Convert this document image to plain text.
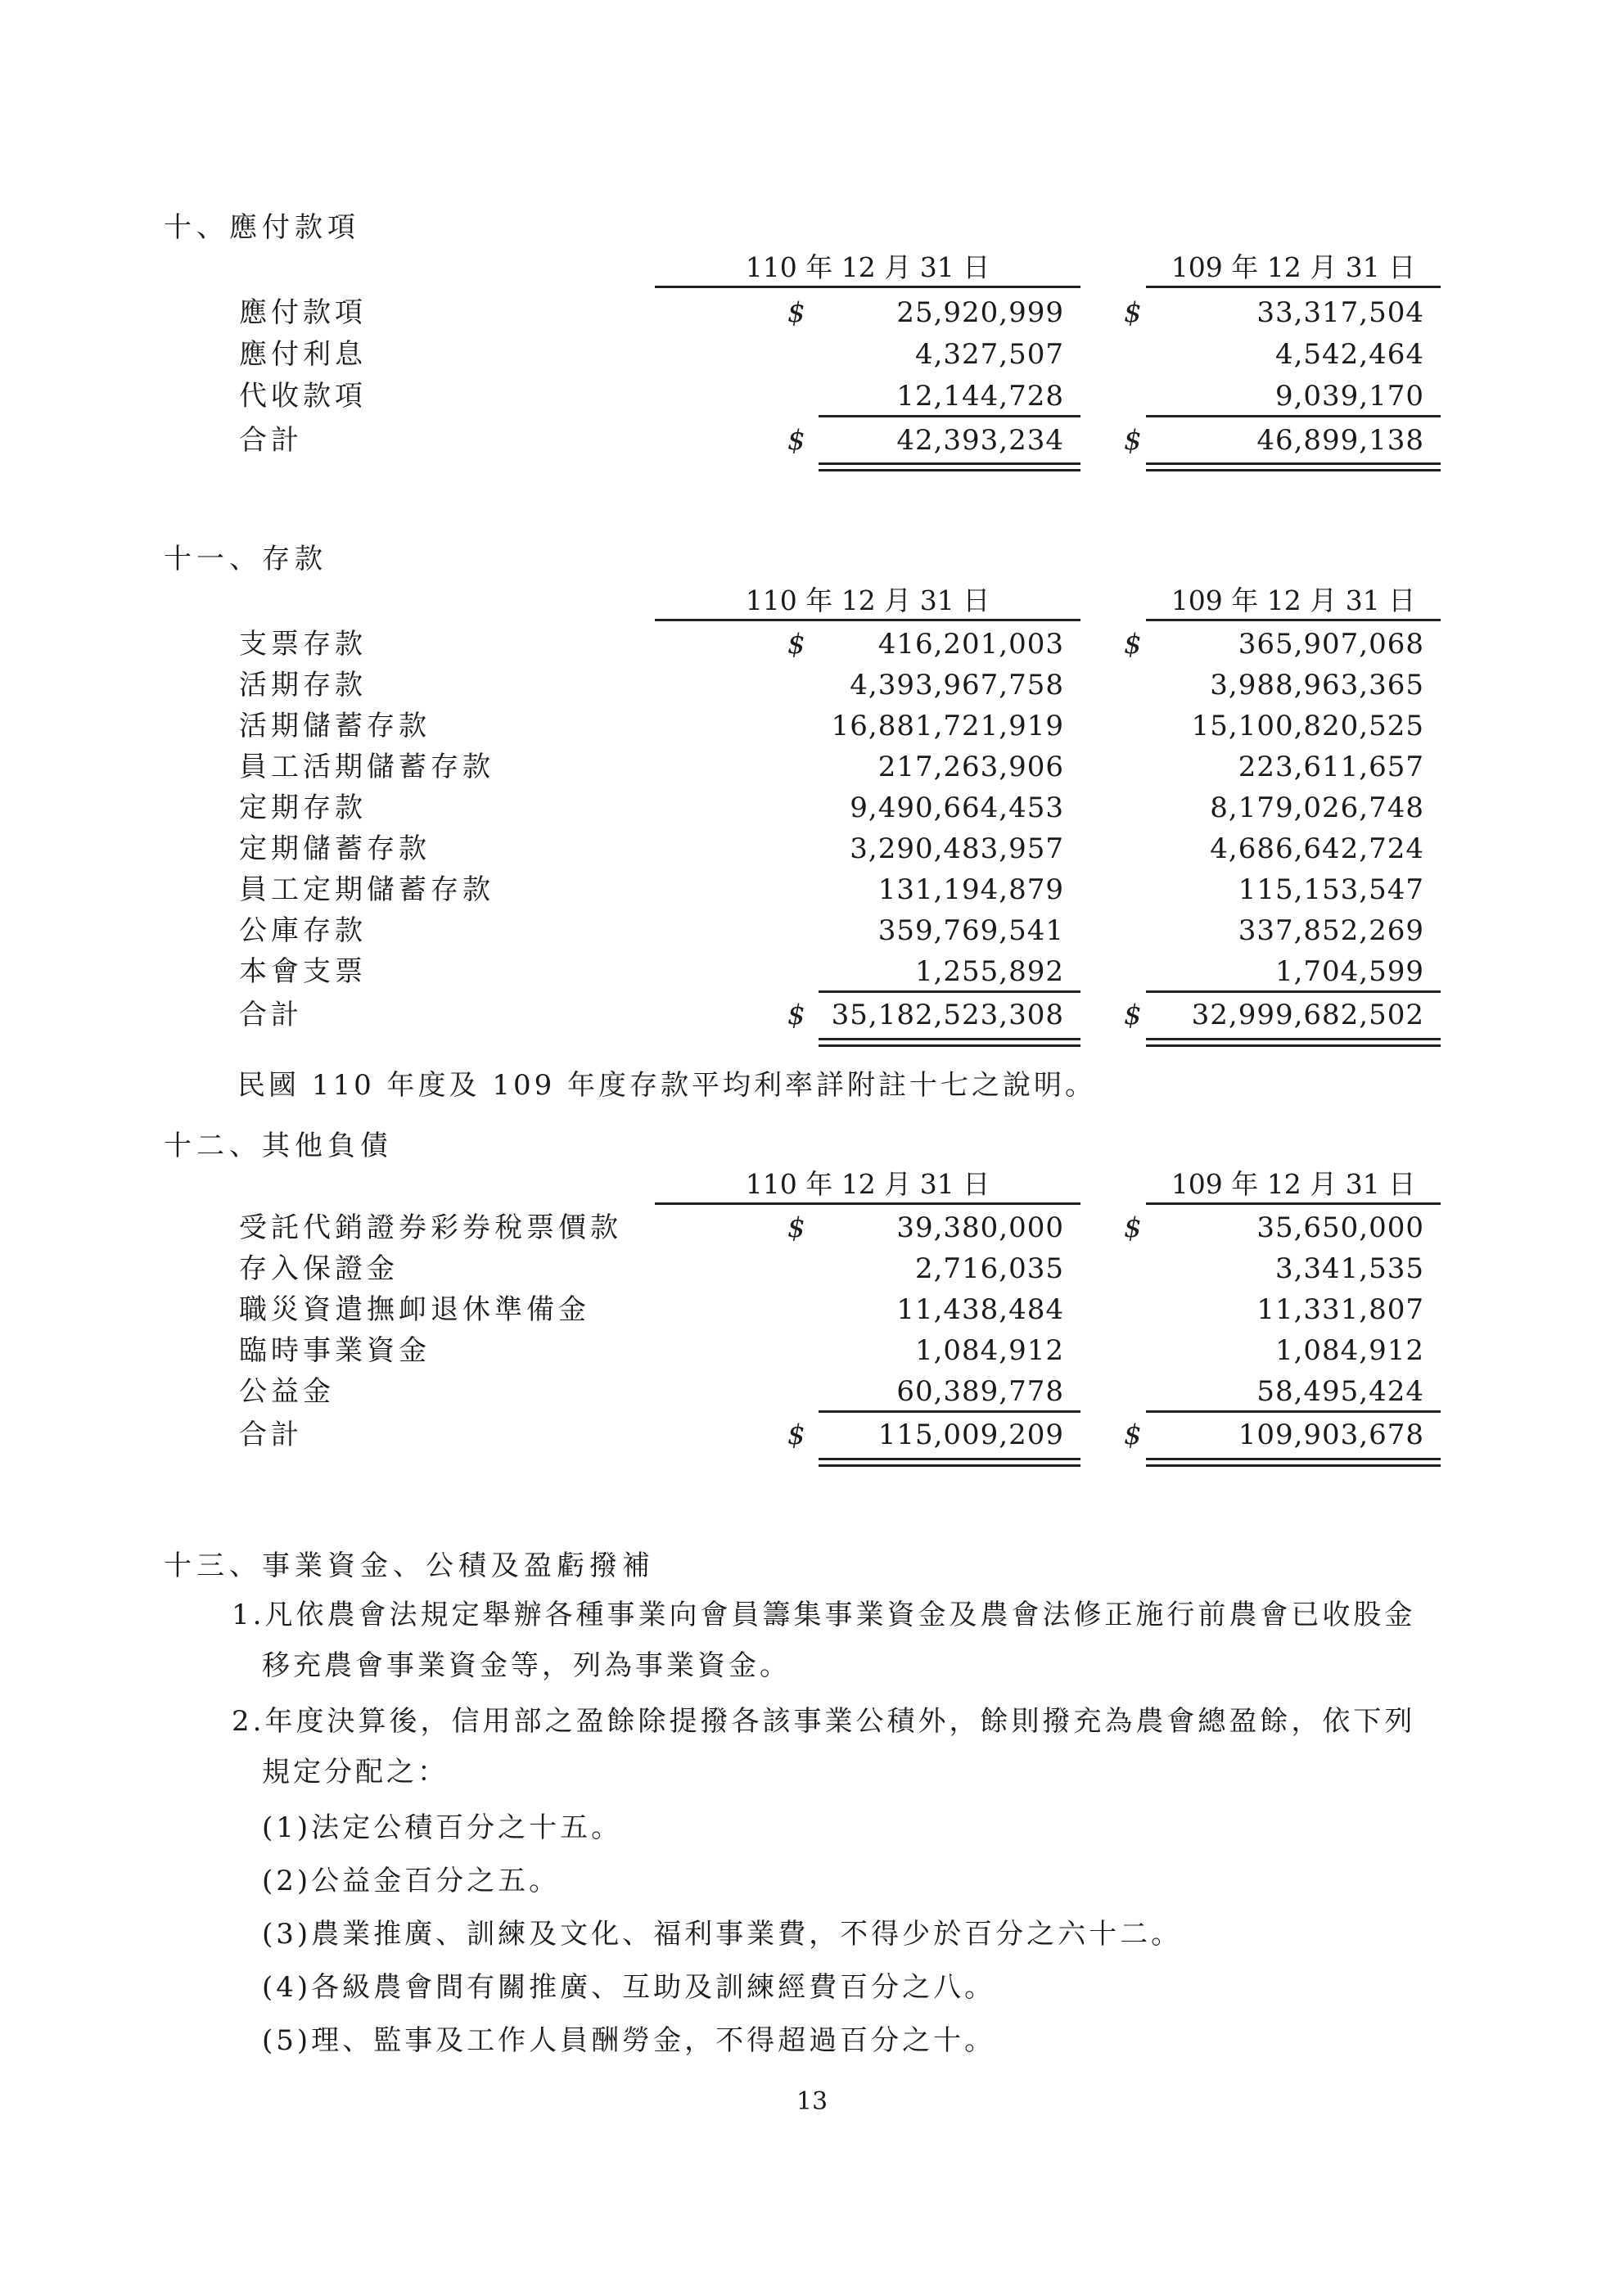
十、應付款項
110 年 12 月 31 日	109 年 12 月 31 日
應付款項	$	25,920,999 $	33,317,504
應付利息	4,327,507	4,542,464
代收款項	12,144,728	9,039,170
合計	$	42,393,234 $	46,899,138
十一、存款
110 年 12 月 31 日	109 年 12 月 31 日
支票存款	$	416,201,003 $	365,907,068
活期存款	4,393,967,758	3,988,963,365
活期儲蓄存款	16,881,721,919	15,100,820,525
員工活期儲蓄存款	217,263,906	223,611,657
定期存款	9,490,664,453	8,179,026,748
定期儲蓄存款	3,290,483,957	4,686,642,724
員工定期儲蓄存款	131,194,879	115,153,547
公庫存款	359,769,541	337,852,269
本會支票	1,255,892	1,704,599
合計	$ 35,182,523,308 $	32,999,682,502
民國 110 年度及 109 年度存款平均利率詳附註十七之說明。
十二、其他負債
110 年 12 月 31 日	109 年 12 月 31 日
受託代銷證券彩券稅票價款	$	39,380,000 $	35,650,000
存入保證金	2,716,035	3,341,535
職災資遣撫卹退休準備金	11,438,484	11,331,807
臨時事業資金	1,084,912	1,084,912
公益金	60,389,778	58,495,424
合計	$	115,009,209 $	109,903,678
十三、事業資金、公積及盈虧撥補
1.凡依農會法規定舉辦各種事業向會員籌集事業資金及農會法修正施行前農會已收股金
移充農會事業資金等，列為事業資金。
2.年度決算後，信用部之盈餘除提撥各該事業公積外，餘則撥充為農會總盈餘，依下列
規定分配之：
(1)法定公積百分之十五。
(2)公益金百分之五。
(3)農業推廣、訓練及文化、福利事業費，不得少於百分之六十二。
(4)各級農會間有關推廣、互助及訓練經費百分之八。
(5)理、監事及工作人員酬勞金，不得超過百分之十。
13
